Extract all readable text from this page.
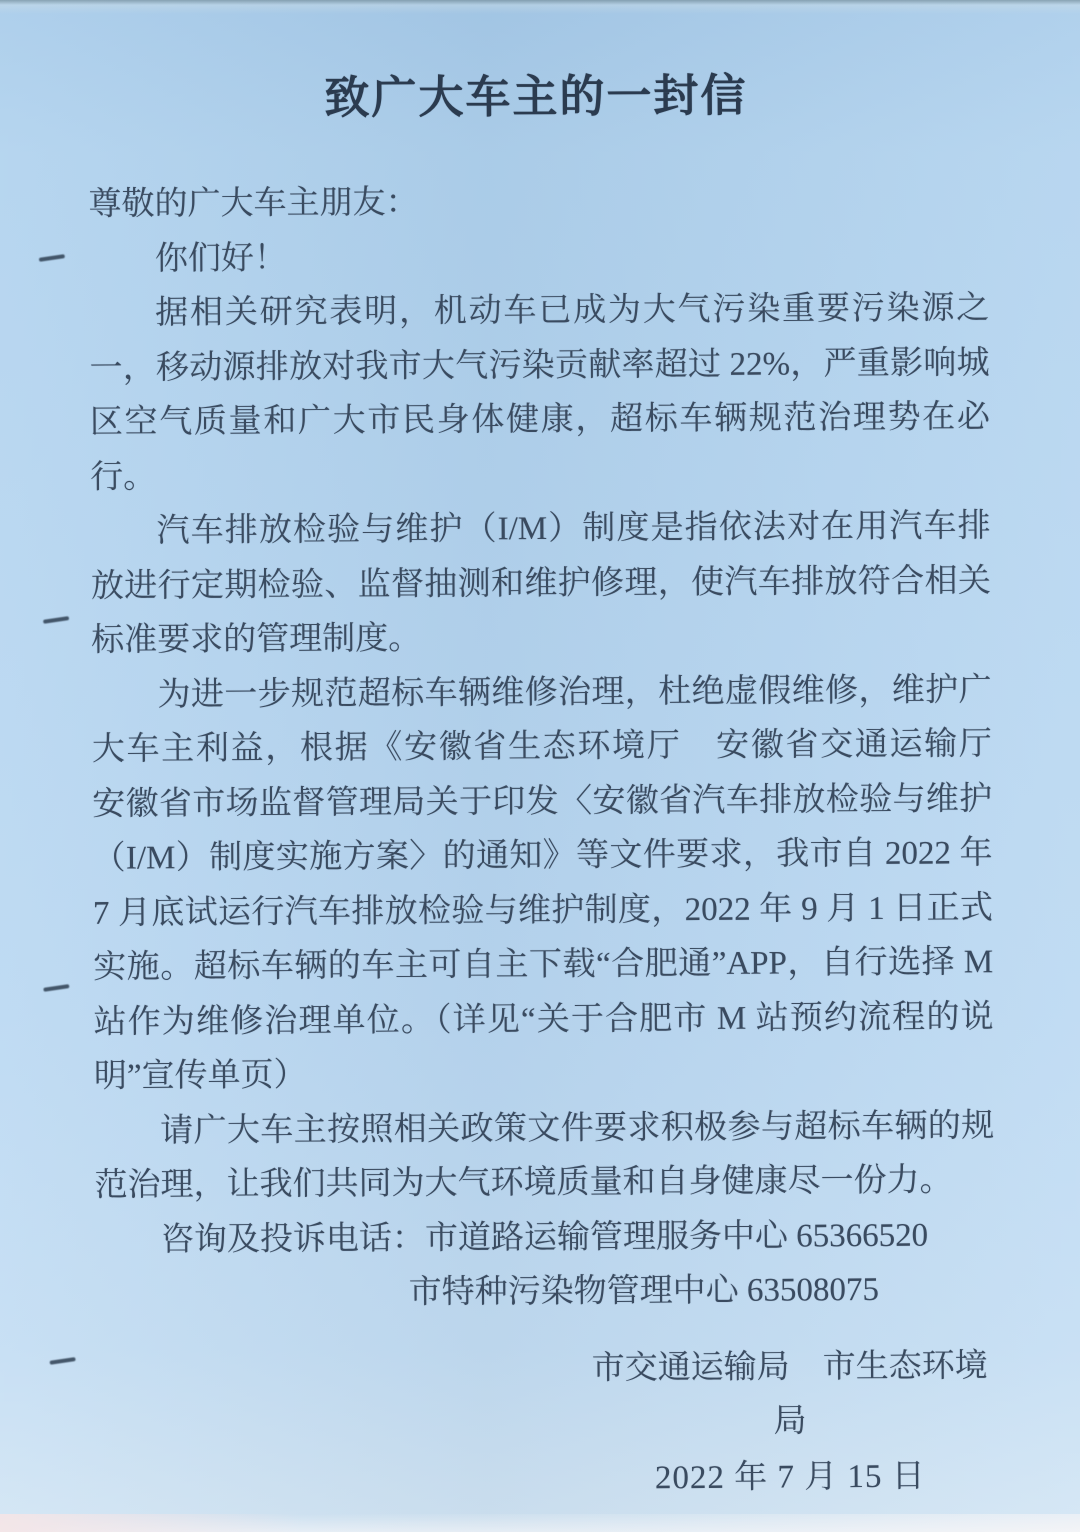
致广大车主的一封信

尊敬的广大车主朋友：

你们好！

据相关研究表明，机动车已成为大气污染重要污染源之一，移动源排放对我市大气污染贡献率超过 22%，严重影响城区空气质量和广大市民身体健康，超标车辆规范治理势在必行。

汽车排放检验与维护（I/M）制度是指依法对在用汽车排放进行定期检验、监督抽测和维护修理，使汽车排放符合相关标准要求的管理制度。

为进一步规范超标车辆维修治理，杜绝虚假维修，维护广大车主利益，根据《安徽省生态环境厅　安徽省交通运输厅　安徽省市场监督管理局关于印发〈安徽省汽车排放检验与维护（I/M）制度实施方案〉的通知》等文件要求，我市自 2022 年 7 月底试运行汽车排放检验与维护制度，2022 年 9 月 1 日正式实施。超标车辆的车主可自主下载“合肥通”APP，自行选择 M 站作为维修治理单位。（详见“关于合肥市 M 站预约流程的说明”宣传单页）

请广大车主按照相关政策文件要求积极参与超标车辆的规范治理，让我们共同为大气环境质量和自身健康尽一份力。

咨询及投诉电话：市道路运输管理服务中心 65366520

市特种污染物管理中心 63508075

市交通运输局　市生态环境局

2022 年 7 月 15 日
